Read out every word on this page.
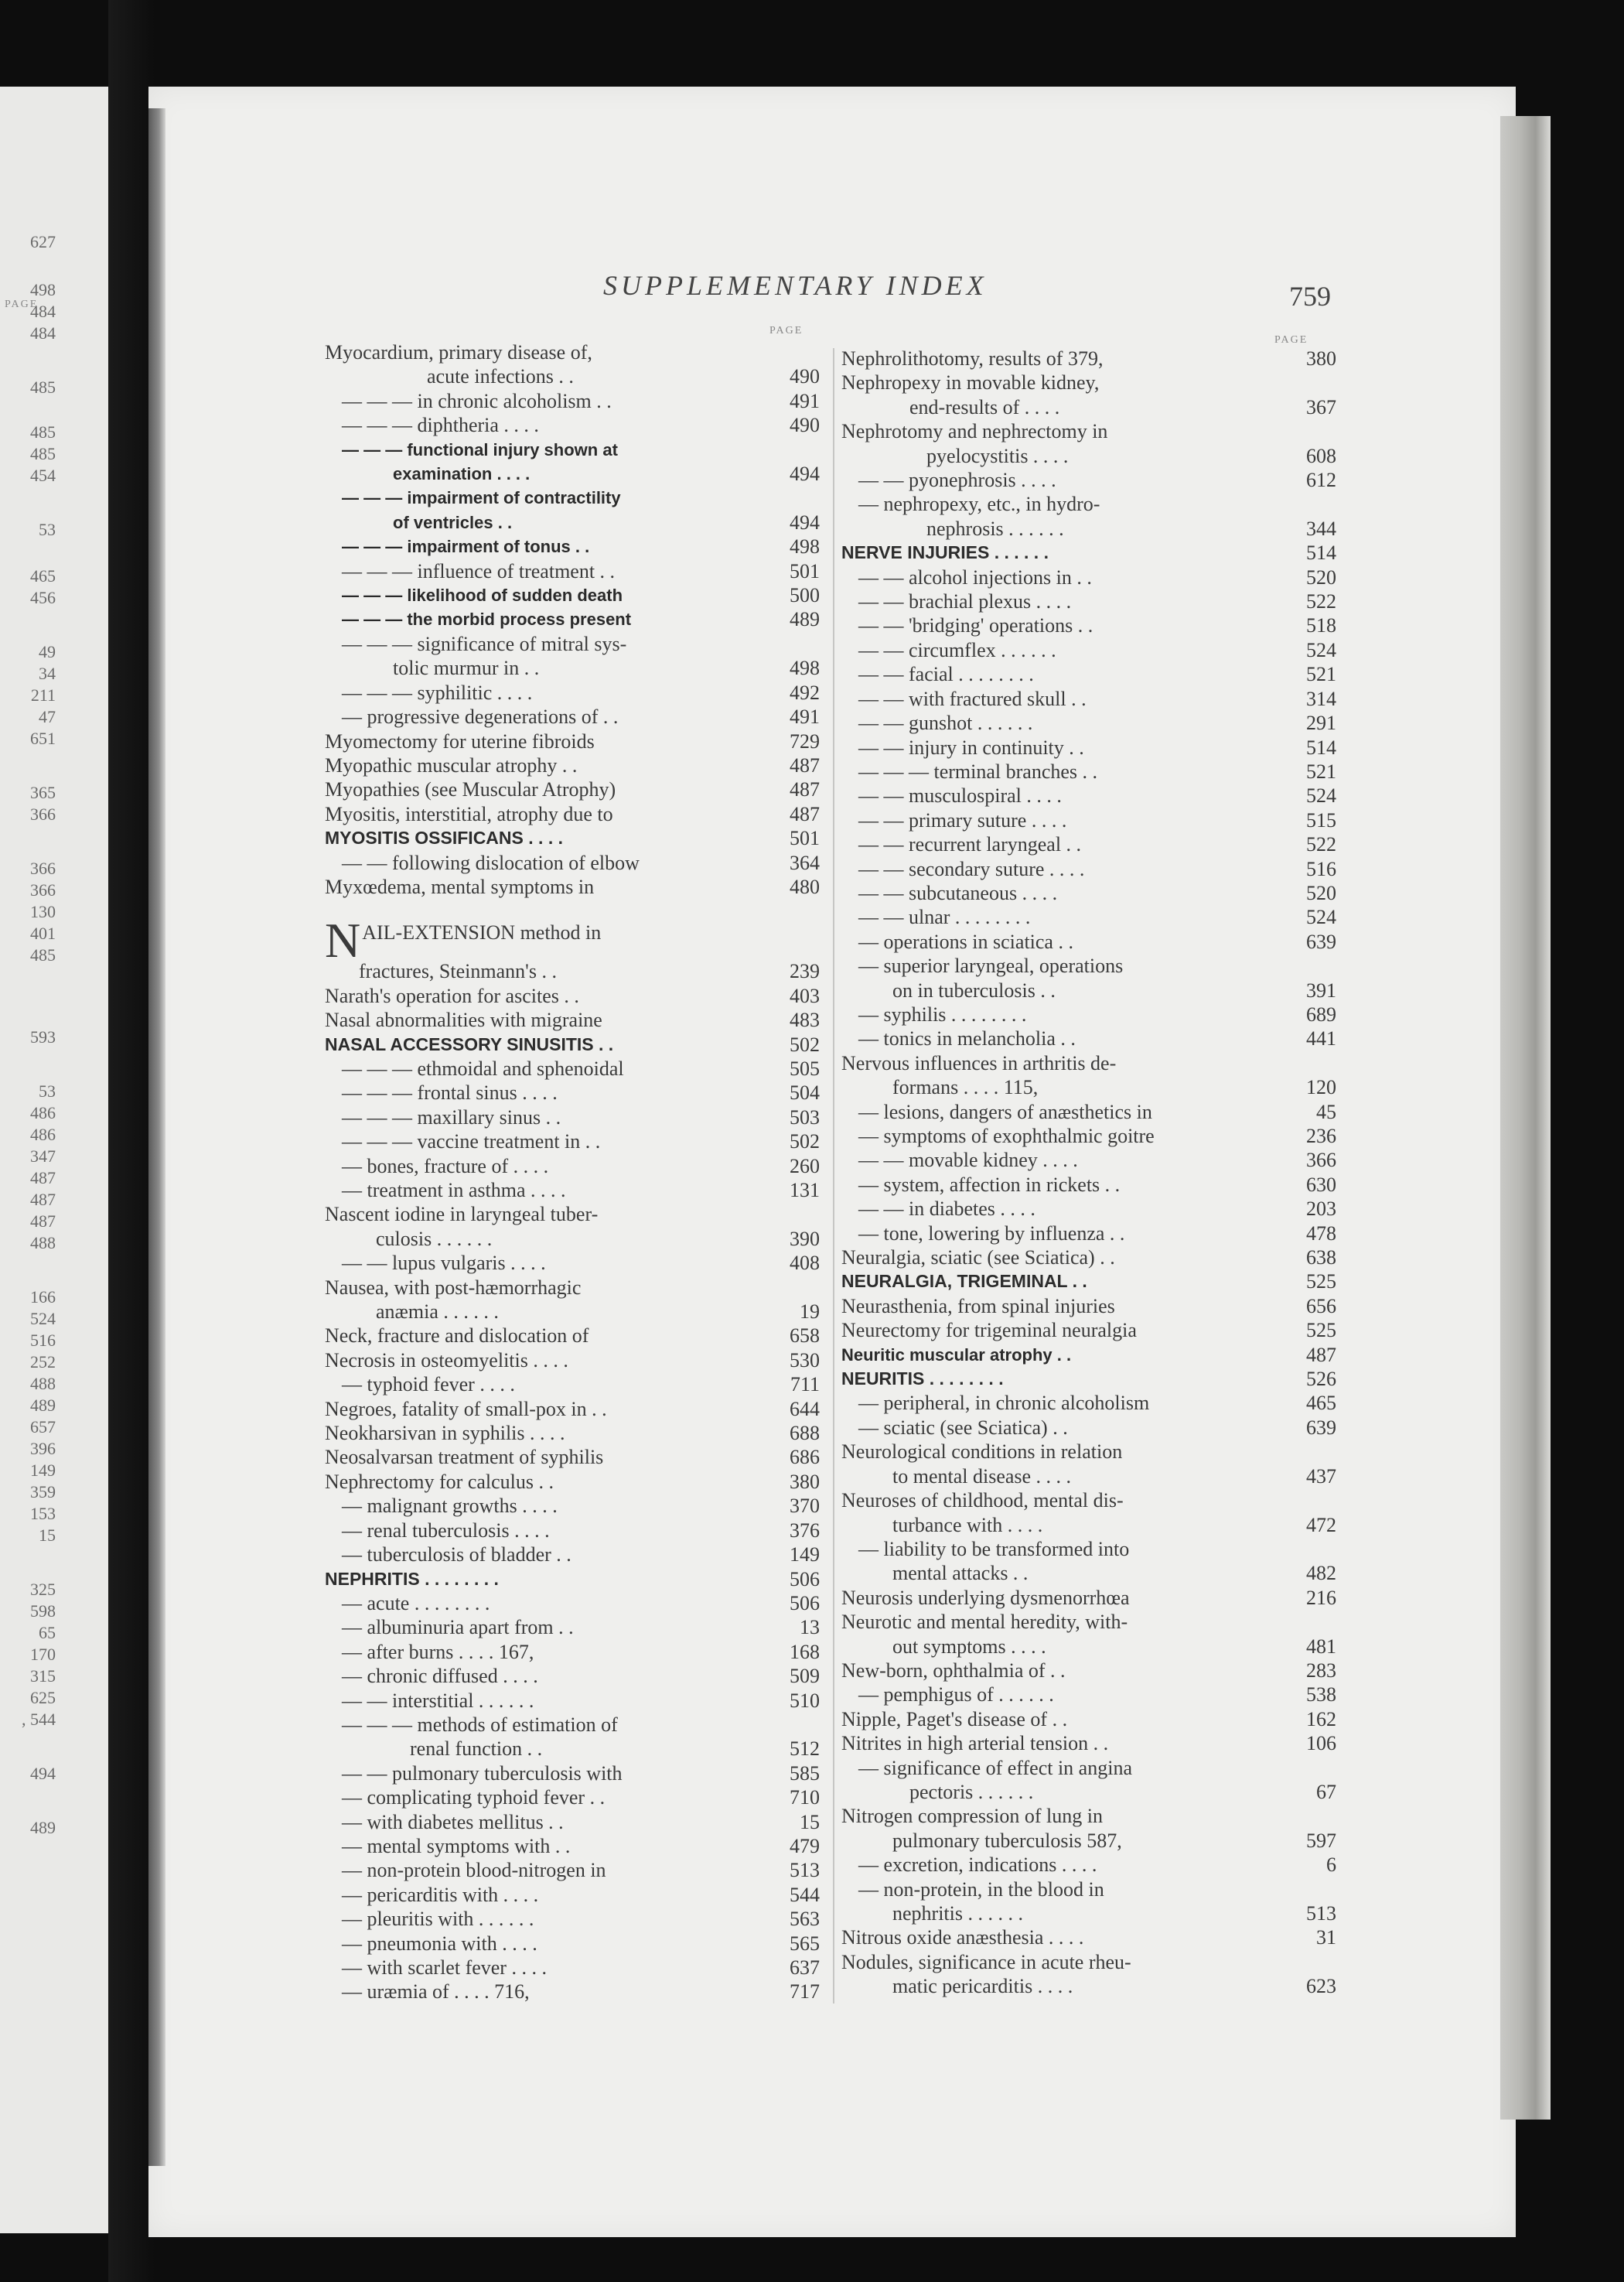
PAGE
627
498
484
484
485
485
485
454
53
465
456
49
34
211
47
651
365
366
366
366
130
401
485
593
53
486
486
347
487
487
487
488
166
524
516
252
488
489
657
396
149
359
153
15
325
598
65
170
315
625
, 544
494
489
SUPPLEMENTARY INDEX	759
PAGE
PAGE
Myocardium, primary disease of,
acute infections . .	490
— — — in chronic alcoholism . .	491
— — — diphtheria . . . .	490
— — — functional injury shown at
examination . . . .	494
— — — impairment of contractility
of ventricles . .	494
— — — impairment of tonus . .	498
— — — influence of treatment . .	501
— — — likelihood of sudden death	500
— — — the morbid process present	489
— — — significance of mitral sys-
tolic murmur in . .	498
— — — syphilitic . . . .	492
— progressive degenerations of . .	491
Myomectomy for uterine fibroids	729
Myopathic muscular atrophy . .	487
Myopathies (see Muscular Atrophy)	487
Myositis, interstitial, atrophy due to	487
MYOSITIS OSSIFICANS . . . .	501
— — following dislocation of elbow	364
Myxœdema, mental symptoms in	480
NAIL-EXTENSION method in
fractures, Steinmann's . .	239
Narath's operation for ascites . .	403
Nasal abnormalities with migraine	483
NASAL ACCESSORY SINUSITIS . .	502
— — — ethmoidal and sphenoidal	505
— — — frontal sinus . . . .	504
— — — maxillary sinus . .	503
— — — vaccine treatment in . .	502
— bones, fracture of . . . .	260
— treatment in asthma . . . .	131
Nascent iodine in laryngeal tuber-
culosis . . . . . .	390
— — lupus vulgaris . . . .	408
Nausea, with post-hæmorrhagic
anæmia . . . . . .	19
Neck, fracture and dislocation of	658
Necrosis in osteomyelitis . . . .	530
— typhoid fever . . . .	711
Negroes, fatality of small-pox in . .	644
Neokharsivan in syphilis . . . .	688
Neosalvarsan treatment of syphilis	686
Nephrectomy for calculus . .	380
— malignant growths . . . .	370
— renal tuberculosis . . . .	376
— tuberculosis of bladder . .	149
NEPHRITIS . . . . . . . .	506
— acute . . . . . . . .	506
— albuminuria apart from . .	13
— after burns . . . . 167,	168
— chronic diffused . . . .	509
— — interstitial . . . . . .	510
— — — methods of estimation of
renal function . .	512
— — pulmonary tuberculosis with	585
— complicating typhoid fever . .	710
— with diabetes mellitus . .	15
— mental symptoms with . .	479
— non-protein blood-nitrogen in	513
— pericarditis with . . . .	544
— pleuritis with . . . . . .	563
— pneumonia with . . . .	565
— with scarlet fever . . . .	637
— uræmia of . . . . 716,	717
Nephrolithotomy, results of 379,	380
Nephropexy in movable kidney,
end-results of . . . .	367
Nephrotomy and nephrectomy in
pyelocystitis . . . .	608
— — pyonephrosis . . . .	612
— nephropexy, etc., in hydro-
nephrosis . . . . . .	344
NERVE INJURIES . . . . . .	514
— — alcohol injections in . .	520
— — brachial plexus . . . .	522
— — 'bridging' operations . .	518
— — circumflex . . . . . .	524
— — facial . . . . . . . .	521
— — with fractured skull . .	314
— — gunshot . . . . . .	291
— — injury in continuity . .	514
— — — terminal branches . .	521
— — musculospiral . . . .	524
— — primary suture . . . .	515
— — recurrent laryngeal . .	522
— — secondary suture . . . .	516
— — subcutaneous . . . .	520
— — ulnar . . . . . . . .	524
— operations in sciatica . .	639
— superior laryngeal, operations
on in tuberculosis . .	391
— syphilis . . . . . . . .	689
— tonics in melancholia . .	441
Nervous influences in arthritis de-
formans . . . . 115,	120
— lesions, dangers of anæsthetics in	45
— symptoms of exophthalmic goitre	236
— — movable kidney . . . .	366
— system, affection in rickets . .	630
— — in diabetes . . . .	203
— tone, lowering by influenza . .	478
Neuralgia, sciatic (see Sciatica) . .	638
NEURALGIA, TRIGEMINAL . .	525
Neurasthenia, from spinal injuries	656
Neurectomy for trigeminal neuralgia	525
Neuritic muscular atrophy . .	487
NEURITIS . . . . . . . .	526
— peripheral, in chronic alcoholism	465
— sciatic (see Sciatica) . .	639
Neurological conditions in relation
to mental disease . . . .	437
Neuroses of childhood, mental dis-
turbance with . . . .	472
— liability to be transformed into
mental attacks . .	482
Neurosis underlying dysmenorrhœa	216
Neurotic and mental heredity, with-
out symptoms . . . .	481
New-born, ophthalmia of . .	283
— pemphigus of . . . . . .	538
Nipple, Paget's disease of . .	162
Nitrites in high arterial tension . .	106
— significance of effect in angina
pectoris . . . . . .	67
Nitrogen compression of lung in
pulmonary tuberculosis 587,	597
— excretion, indications . . . .	6
— non-protein, in the blood in
nephritis . . . . . .	513
Nitrous oxide anæsthesia . . . .	31
Nodules, significance in acute rheu-
matic pericarditis . . . .	623
